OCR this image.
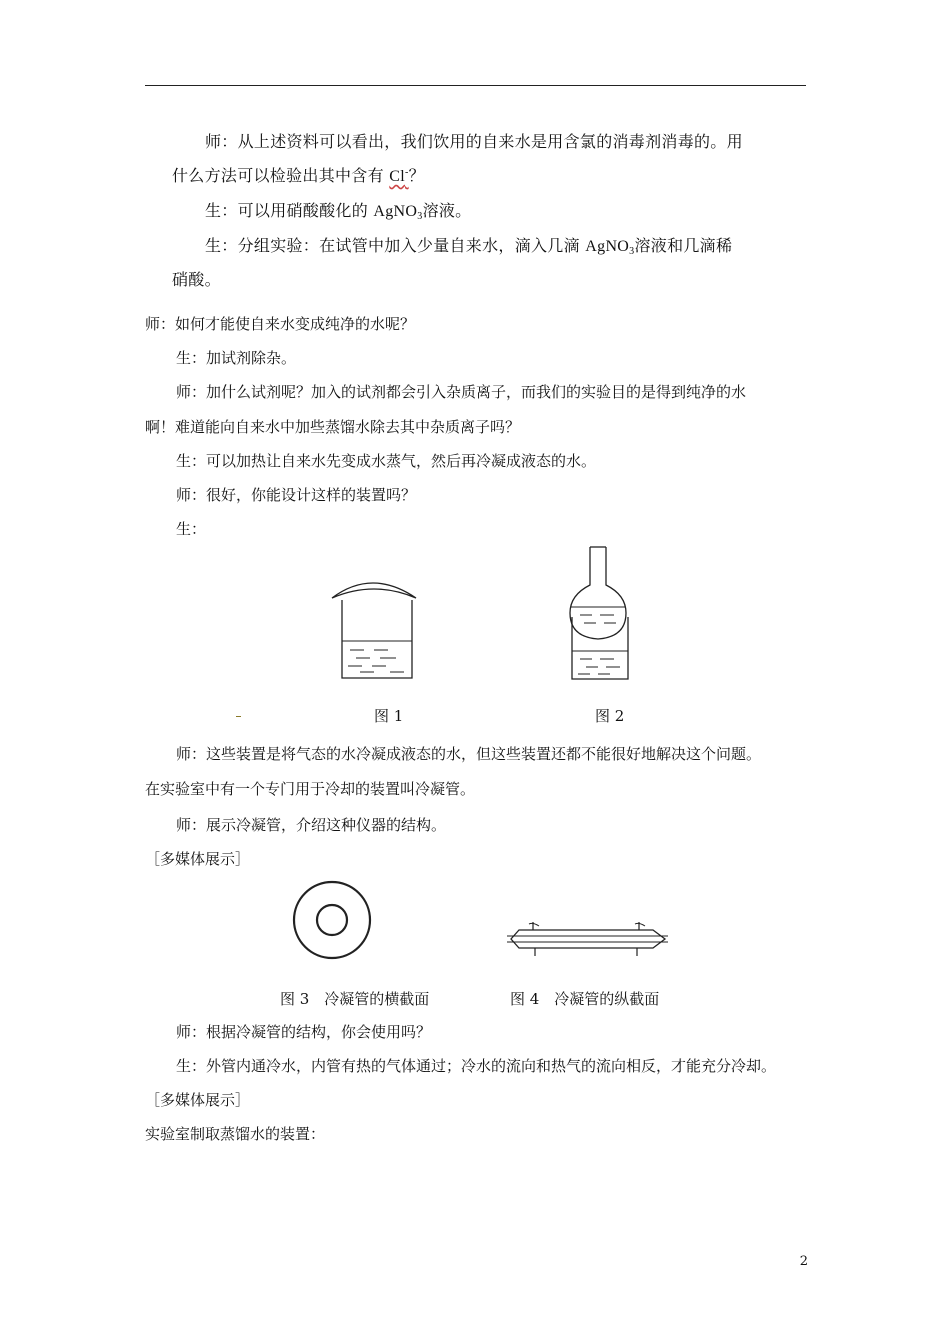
师：从上述资料可以看出，我们饮用的自来水是用含氯的消毒剂消毒的。用
什么方法可以检验出其中含有 Cl-？
生：可以用硝酸酸化的 AgNO$_3$溶液。
生：分组实验：在试管中加入少量自来水，滴入几滴 AgNO$_3$溶液和几滴稀
硝酸。
师：如何才能使自来水变成纯净的水呢？
生：加试剂除杂。
师：加什么试剂呢？加入的试剂都会引入杂质离子，而我们的实验目的是得到纯净的水
啊！难道能向自来水中加些蒸馏水除去其中杂质离子吗？
生：可以加热让自来水先变成水蒸气，然后再冷凝成液态的水。
师：很好，你能设计这样的装置吗？
生：
图 1	图 2
师：这些装置是将气态的水冷凝成液态的水，但这些装置还都不能很好地解决这个问题。
在实验室中有一个专门用于冷却的装置叫冷凝管。
师：展示冷凝管，介绍这种仪器的结构。
［多媒体展示］
图 3　冷凝管的横截面	图 4　冷凝管的纵截面
师：根据冷凝管的结构，你会使用吗？
生：外管内通冷水，内管有热的气体通过；冷水的流向和热气的流向相反，才能充分冷却。
［多媒体展示］
实验室制取蒸馏水的装置：
2
